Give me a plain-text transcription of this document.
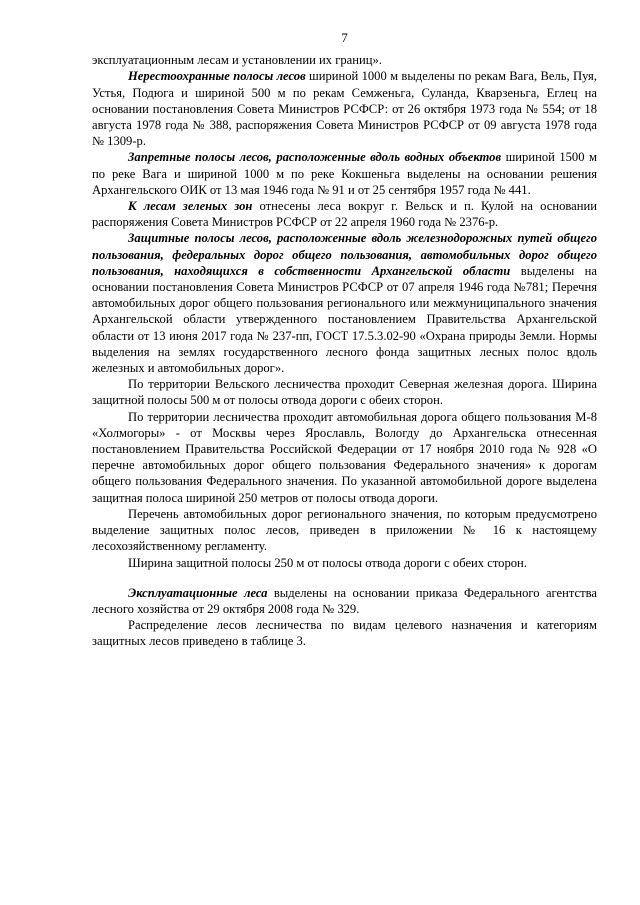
7

эксплуатационным лесам и установлении их границ».

Нерестоохранные полосы лесов шириной 1000 м выделены по рекам Вага, Вель, Пуя, Устья, Подюга и шириной 500 м по рекам Семженьга, Суланда, Кварзеньга, Еглец на основании постановления Совета Министров РСФСР: от 26 октября 1973 года № 554; от 18 августа 1978 года № 388, распоряжения Совета Министров РСФСР от 09 августа 1978 года № 1309-р.

Запретные полосы лесов, расположенные вдоль водных объектов шириной 1500 м по реке Вага и шириной 1000 м по реке Кокшеньга выделены на основании решения Архангельского ОИК от 13 мая 1946 года № 91 и от 25 сентября 1957 года № 441.

К лесам зеленых зон отнесены леса вокруг г. Вельск и п. Кулой на основании распоряжения Совета Министров РСФСР от 22 апреля 1960 года № 2376-р.

Защитные полосы лесов, расположенные вдоль железнодорожных путей общего пользования, федеральных дорог общего пользования, автомобильных дорог общего пользования, находящихся в собственности Архангельской области выделены на основании постановления Совета Министров РСФСР от 07 апреля 1946 года №781; Перечня автомобильных дорог общего пользования регионального или межмуниципального значения Архангельской области утвержденного постановлением Правительства Архангельской области от 13 июня 2017 года № 237-пп, ГОСТ 17.5.3.02-90 «Охрана природы Земли. Нормы выделения на землях государственного лесного фонда защитных лесных полос вдоль железных и автомобильных дорог».

По территории Вельского лесничества проходит Северная железная дорога. Ширина защитной полосы 500 м от полосы отвода дороги с обеих сторон.

По территории лесничества проходит автомобильная дорога общего пользования М-8 «Холмогоры» - от Москвы через Ярославль, Вологду до Архангельска отнесенная постановлением Правительства Российской Федерации от 17 ноября 2010 года № 928 «О перечне автомобильных дорог общего пользования Федерального значения» к дорогам общего пользования Федерального значения. По указанной автомобильной дороге выделена защитная полоса шириной 250 метров от полосы отвода дороги.

Перечень автомобильных дорог регионального значения, по которым предусмотрено выделение защитных полос лесов, приведен в приложении № 16 к настоящему лесохозяйственному регламенту.

Ширина защитной полосы 250 м от полосы отвода дороги с обеих сторон.

Эксплуатационные леса выделены на основании приказа Федерального агентства лесного хозяйства от 29 октября 2008 года № 329.

Распределение лесов лесничества по видам целевого назначения и категориям защитных лесов приведено в таблице 3.
